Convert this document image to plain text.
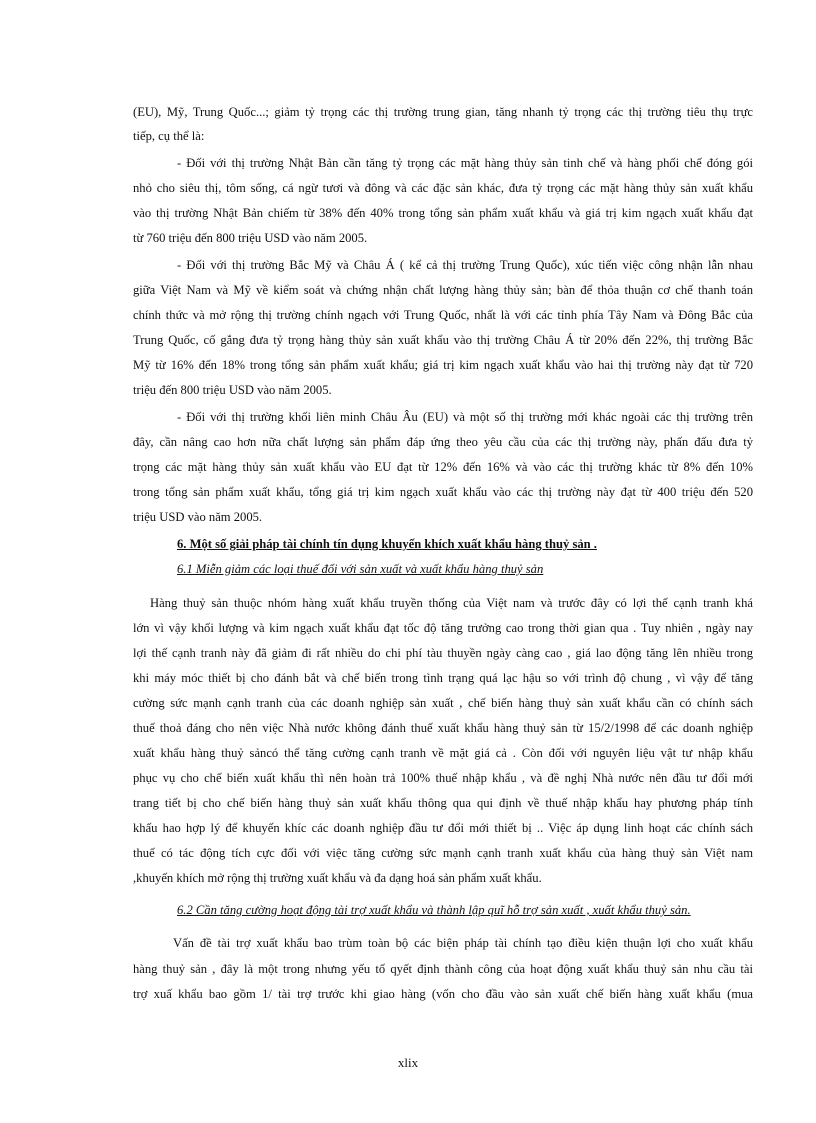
(EU), Mỹ, Trung Quốc...; giảm tỷ trọng các thị trường trung gian, tăng nhanh tỷ trọng các thị trường tiêu thụ trực
tiếp, cụ thể là:
- Đối với thị trường Nhật Bản cần tăng tỷ trọng các mặt hàng thủy sản tinh chế và hàng phối chế đóng gói
nhỏ cho siêu thị, tôm sống, cá ngừ tươi và đông và các đặc sản khác, đưa tỷ trọng các mặt hàng thủy sản xuất khẩu
vào thị trường Nhật Bản chiếm từ 38% đến 40% trong tổng sản phẩm xuất khẩu và giá trị kim ngạch xuất khẩu đạt
từ 760 triệu đến 800 triệu USD vào năm 2005.
- Đối với thị trường Bắc Mỹ và Châu Á ( kể cả thị trường Trung Quốc), xúc tiến việc công nhận lẫn nhau
giữa Việt Nam và Mỹ về kiểm soát và chứng nhận chất lượng hàng thủy sản; bàn để thỏa thuận cơ chế thanh toán
chính thức và mở rộng thị trường chính ngạch với Trung Quốc, nhất là với các tỉnh phía Tây Nam và Đông Bắc của
Trung Quốc, cố gắng đưa tỷ trọng hàng thủy sản xuất khẩu vào thị trường Châu Á từ 20% đến 22%, thị trường Bắc
Mỹ từ 16% đến 18% trong tổng sản phẩm xuất khẩu; giá trị kim ngạch xuất khẩu vào hai thị trường này đạt từ 720
triệu đến 800 triệu USD vào năm 2005.
- Đối với thị trường khối liên minh Châu Âu (EU) và một số thị trường mới khác ngoài các thị trường trên
đây, cần nâng cao hơn nữa chất lượng sản phẩm đáp ứng theo yêu cầu của các thị trường này, phấn đấu đưa tỷ
trọng các mặt hàng thủy sản xuất khẩu vào EU đạt từ 12% đến 16% và vào các thị trường khác từ 8% đến 10%
trong tổng sản phẩm xuất khẩu, tổng giá trị kim ngạch xuất khẩu vào các thị trường này đạt từ 400 triệu đến 520
triệu USD vào năm 2005.
6. Một số giải pháp tài chính tín dụng khuyến khích xuất khẩu hàng thuỷ sản .
6.1 Miễn giảm các loại thuế đối với sản xuất và xuất khẩu hàng thuỷ sản
Hàng thuỷ sản thuộc nhóm hàng xuất khẩu truyền thống của Việt nam và trước đây có lợi thế cạnh tranh khá
lớn vì vậy khối lượng và kim ngạch xuất khẩu đạt tốc độ tăng trưởng cao trong thời gian qua . Tuy nhiên , ngày nay
lợi thế cạnh tranh này đã giảm đi rất nhiều do chi phí tàu thuyền ngày càng cao , giá lao động tăng lên nhiều trong
khi máy móc thiết bị cho đánh bắt và chế biến trong tình trạng quá lạc hậu so với trình độ chung , vì vậy để tăng
cường sức mạnh cạnh tranh của các doanh nghiệp sản xuất , chế biến hàng thuỷ sản xuất khẩu cần có chính sách
thuế thoả đáng cho nên việc Nhà nước không đánh thuế xuất khẩu hàng thuỷ sản từ 15/2/1998 để các doanh nghiệp
xuất khẩu hàng thuỷ sảncó thể tăng cường cạnh tranh về mặt giá cả . Còn đối với nguyên liệu vật tư nhập khẩu
phục vụ cho chế biến xuất khẩu thì nên hoàn trả 100% thuế nhập khẩu , và đề nghị Nhà nước nên đầu tư đổi mới
trang tiết bị cho chế biến hàng thuỷ sản xuất khẩu thông qua qui định về thuế nhập khẩu hay phương pháp tính
khấu hao hợp lý để khuyến khíc các doanh nghiệp đầu tư đổi mới thiết bị .. Việc áp dụng linh hoạt các chính sách
thuế có tác động tích cực đối với việc tăng cường sức mạnh cạnh tranh xuất khẩu của hàng thuỷ sản Việt nam
,khuyến khích mở rộng thị trường xuất khẩu và đa dạng hoá sản phẩm xuất khẩu.
6.2 Cần tăng cường hoạt động tài trợ xuất khẩu và thành lập quĩ hỗ trợ sản xuất , xuất khẩu thuỷ sản.
Vấn đề tài trợ xuất khẩu bao trùm toàn bộ các biện pháp tài chính tạo điều kiện thuận lợi cho xuất khẩu
hàng thuỷ sản , đây là một trong nhưng yếu tố qyết định thành công của hoạt động xuất khẩu thuỷ sản nhu cầu tài
trợ xuấ khẩu bao gồm 1/ tài trợ trước khi giao hàng (vốn cho đầu vào sản xuất chế biến hàng xuất khẩu (mua
xlix
